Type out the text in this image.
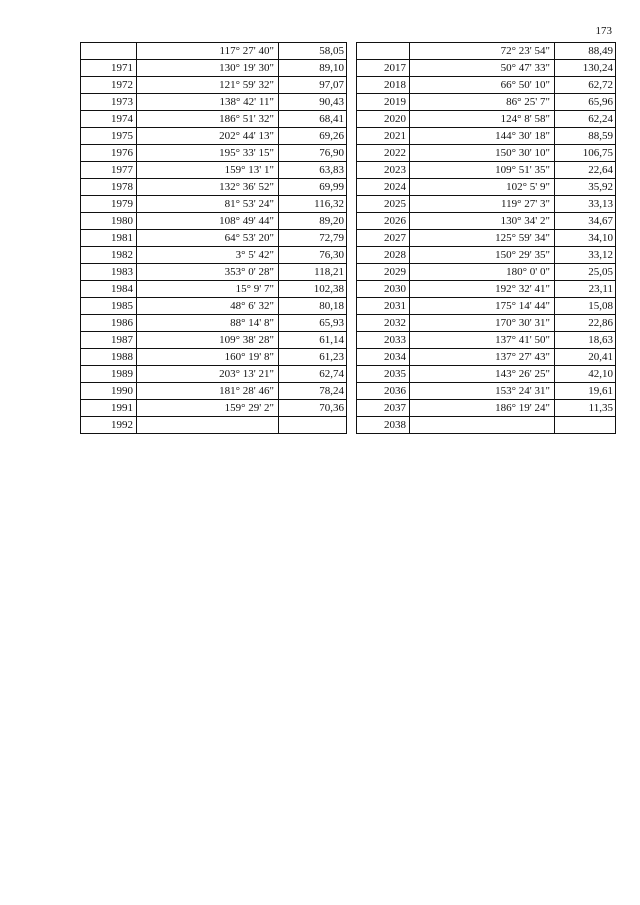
173
	117° 27' 40"	58,05
1971	130° 19' 30"	89,10
1972	121° 59' 32"	97,07
1973	138° 42' 11"	90,43
1974	186° 51' 32"	68,41
1975	202° 44' 13"	69,26
1976	195° 33' 15"	76,90
1977	159° 13' 1"	63,83
1978	132° 36' 52"	69,99
1979	81° 53' 24"	116,32
1980	108° 49' 44"	89,20
1981	64° 53' 20"	72,79
1982	3° 5' 42"	76,30
1983	353° 0' 28"	118,21
1984	15° 9' 7"	102,38
1985	48° 6' 32"	80,18
1986	88° 14' 8"	65,93
1987	109° 38' 28"	61,14
1988	160° 19' 8"	61,23
1989	203° 13' 21"	62,74
1990	181° 28' 46"	78,24
1991	159° 29' 2"	70,36
1992		
	72° 23' 54"	88,49
2017	50° 47' 33"	130,24
2018	66° 50' 10"	62,72
2019	86° 25' 7"	65,96
2020	124° 8' 58"	62,24
2021	144° 30' 18"	88,59
2022	150° 30' 10"	106,75
2023	109° 51' 35"	22,64
2024	102° 5' 9"	35,92
2025	119° 27' 3"	33,13
2026	130° 34' 2"	34,67
2027	125° 59' 34"	34,10
2028	150° 29' 35"	33,12
2029	180° 0' 0"	25,05
2030	192° 32' 41"	23,11
2031	175° 14' 44"	15,08
2032	170° 30' 31"	22,86
2033	137° 41' 50"	18,63
2034	137° 27' 43"	20,41
2035	143° 26' 25"	42,10
2036	153° 24' 31"	19,61
2037	186° 19' 24"	11,35
2038		
